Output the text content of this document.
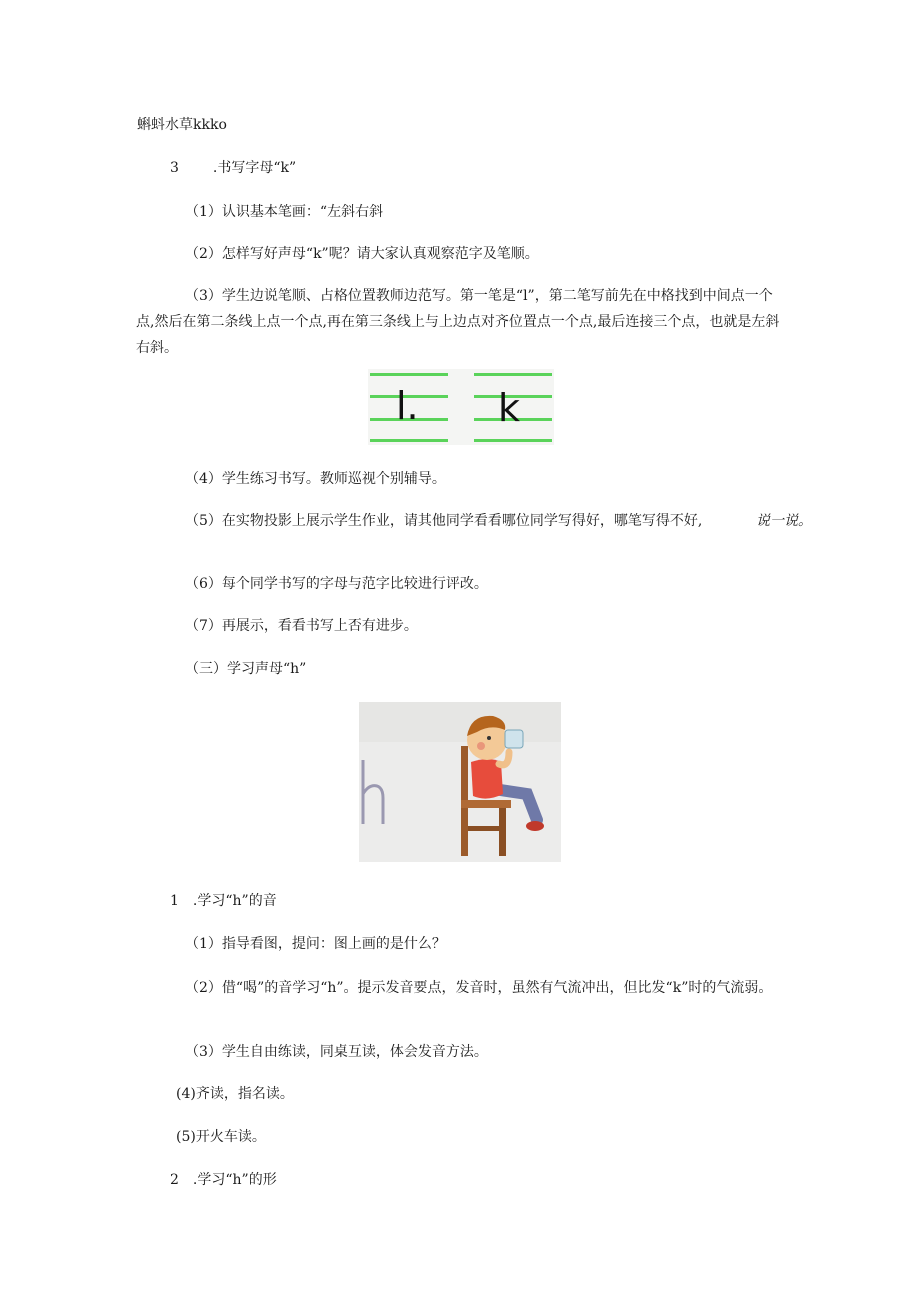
蝌蚪水草kkko
3 .书写字母“k”
（1）认识基本笔画：“左斜右斜
（2）怎样写好声母“k”呢？请大家认真观察范字及笔顺。
（3）学生边说笔顺、占格位置教师边范写。第一笔是“l”，第二笔写前先在中格找到中间点一个点,然后在第二条线上点一个点,再在第三条线上与上边点对齐位置点一个点,最后连接三个点，也就是左斜右斜。
l. k
（4）学生练习书写。教师巡视个别辅导。
（5）在实物投影上展示学生作业，请其他同学看看哪位同学写得好，哪笔写得不好,	说一说。
（6）每个同学书写的字母与范字比较进行评改。
（7）再展示，看看书写上否有进步。
（三）学习声母“h”
1 .学习“h”的音
（1）指导看图，提问：图上画的是什么？
（2）借“喝”的音学习“h”。提示发音要点，发音时，虽然有气流冲出，但比发“k”时的气流弱。
（3）学生自由练读，同桌互读，体会发音方法。
(4)齐读，指名读。
(5)开火车读。
2 .学习“h”的形
